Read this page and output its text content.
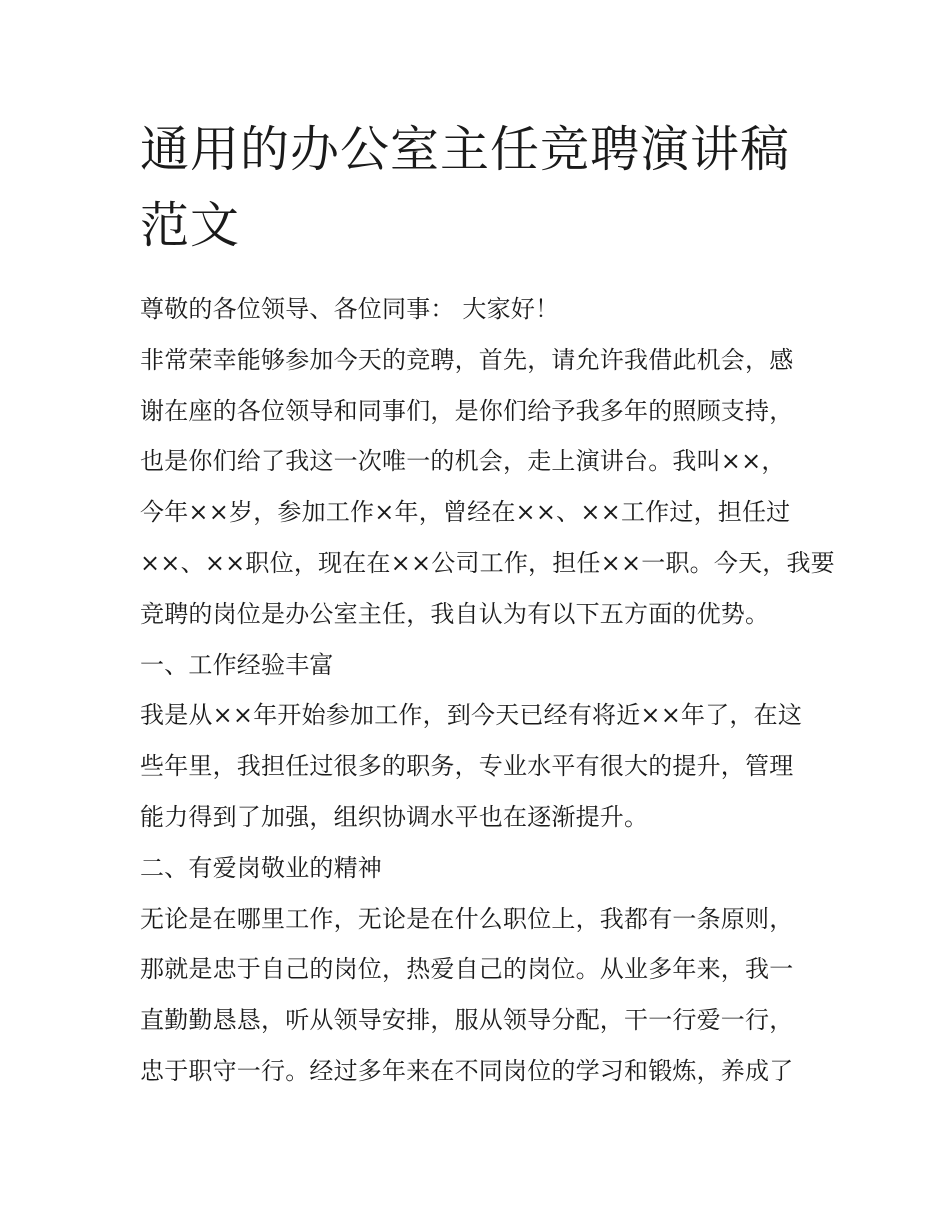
通用的办公室主任竞聘演讲稿
范文

尊敬的各位领导、各位同事： 大家好！

非常荣幸能够参加今天的竞聘，首先，请允许我借此机会，感

谢在座的各位领导和同事们，是你们给予我多年的照顾支持，

也是你们给了我这一次唯一的机会，走上演讲台。我叫××，

今年××岁，参加工作×年，曾经在××、××工作过，担任过

××、××职位，现在在××公司工作，担任××一职。今天，我要

竞聘的岗位是办公室主任，我自认为有以下五方面的优势。

一、工作经验丰富

我是从××年开始参加工作，到今天已经有将近××年了，在这

些年里，我担任过很多的职务，专业水平有很大的提升，管理

能力得到了加强，组织协调水平也在逐渐提升。

二、有爱岗敬业的精神

无论是在哪里工作，无论是在什么职位上，我都有一条原则，

那就是忠于自己的岗位，热爱自己的岗位。从业多年来，我一

直勤勤恳恳，听从领导安排，服从领导分配，干一行爱一行，

忠于职守一行。经过多年来在不同岗位的学习和锻炼，养成了
